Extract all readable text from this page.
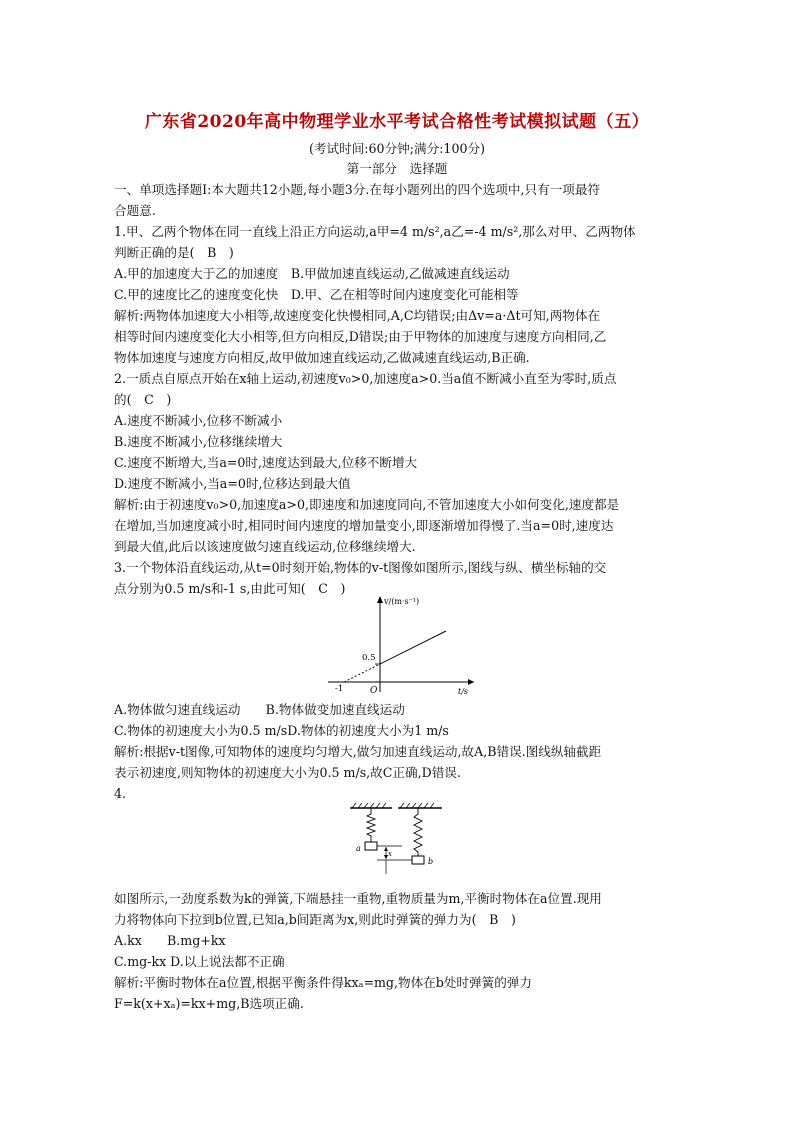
广东省2020年高中物理学业水平考试合格性考试模拟试题（五）
(考试时间:60分钟;满分:100分)
第一部分　选择题
一、单项选择题Ⅰ:本大题共12小题,每小题3分.在每小题列出的四个选项中,只有一项最符
合题意.
1.甲、乙两个物体在同一直线上沿正方向运动,a甲=4 m/s²,a乙=-4 m/s²,那么对甲、乙两物体
判断正确的是(　B　)
A.甲的加速度大于乙的加速度　B.甲做加速直线运动,乙做减速直线运动
C.甲的速度比乙的速度变化快　D.甲、乙在相等时间内速度变化可能相等
解析:两物体加速度大小相等,故速度变化快慢相同,A,C均错误;由Δv=a·Δt可知,两物体在
相等时间内速度变化大小相等,但方向相反,D错误;由于甲物体的加速度与速度方向相同,乙
物体加速度与速度方向相反,故甲做加速直线运动,乙做减速直线运动,B正确.
2.一质点自原点开始在x轴上运动,初速度v₀>0,加速度a>0.当a值不断减小直至为零时,质点
的(　C　)
A.速度不断减小,位移不断减小
B.速度不断减小,位移继续增大
C.速度不断增大,当a=0时,速度达到最大,位移不断增大
D.速度不断减小,当a=0时,位移达到最大值
解析:由于初速度v₀>0,加速度a>0,即速度和加速度同向,不管加速度大小如何变化,速度都是
在增加,当加速度减小时,相同时间内速度的增加量变小,即逐渐增加得慢了.当a=0时,速度达
到最大值,此后以该速度做匀速直线运动,位移继续增大.
3.一个物体沿直线运动,从t=0时刻开始,物体的v-t图像如图所示,图线与纵、横坐标轴的交
点分别为0.5 m/s和-1 s,由此可知(　C　)
v/(m·s⁻¹)
t/s
O
0.5
-1
A.物体做匀速直线运动　　B.物体做变加速直线运动
C.物体的初速度大小为0.5 m/sD.物体的初速度大小为1 m/s
解析:根据v-t图像,可知物体的速度均匀增大,做匀加速直线运动,故A,B错误.图线纵轴截距
表示初速度,则知物体的初速度大小为0.5 m/s,故C正确,D错误.
4.
a
b
x
如图所示,一劲度系数为k的弹簧,下端悬挂一重物,重物质量为m,平衡时物体在a位置.现用
力将物体向下拉到b位置,已知a,b间距离为x,则此时弹簧的弹力为(　B　)
A.kx　　B.mg+kx
C.mg-kx D.以上说法都不正确
解析:平衡时物体在a位置,根据平衡条件得kxₐ=mg,物体在b处时弹簧的弹力
F=k(x+xₐ)=kx+mg,B选项正确.
